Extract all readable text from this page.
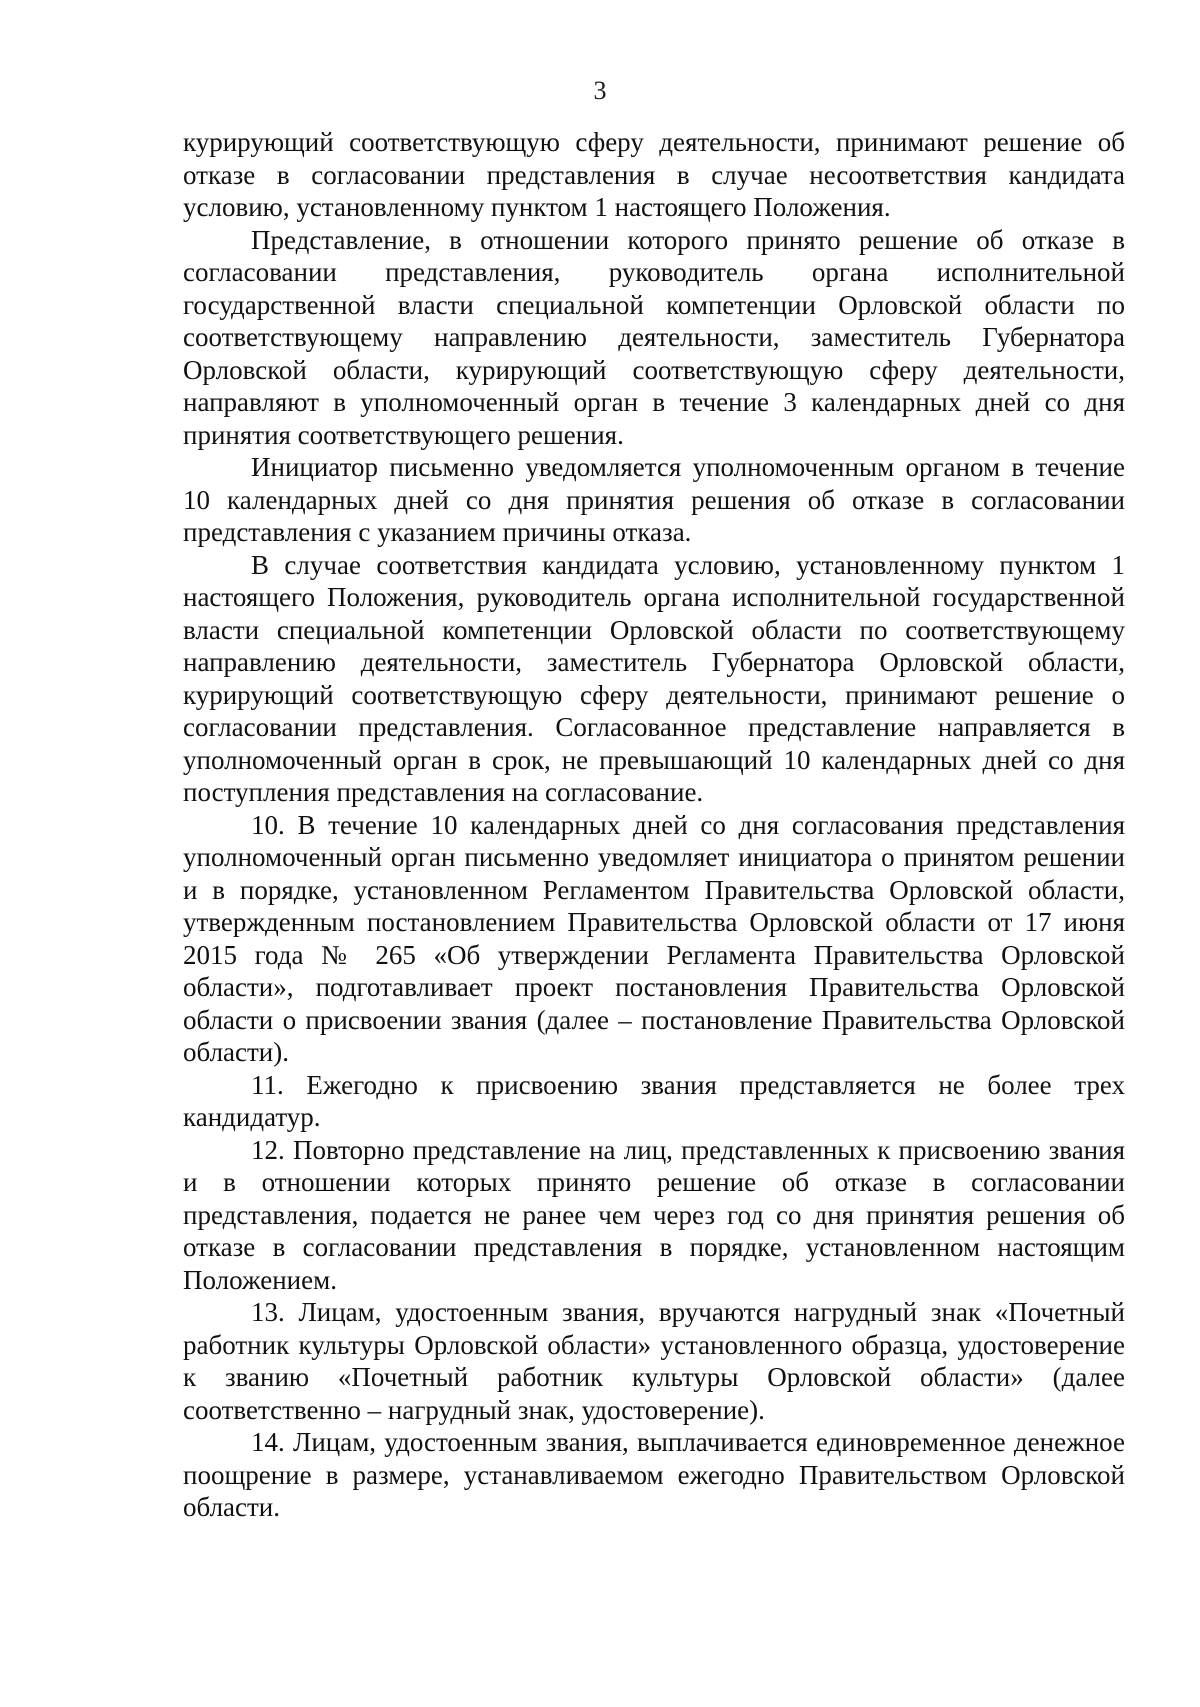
3

курирующий соответствующую сферу деятельности, принимают решение об отказе в согласовании представления в случае несоответствия кандидата условию, установленному пунктом 1 настоящего Положения.

Представление, в отношении которого принято решение об отказе в согласовании представления, руководитель органа исполнительной государственной власти специальной компетенции Орловской области по соответствующему направлению деятельности, заместитель Губернатора Орловской области, курирующий соответствующую сферу деятельности, направляют в уполномоченный орган в течение 3 календарных дней со дня принятия соответствующего решения.

Инициатор письменно уведомляется уполномоченным органом в течение 10 календарных дней со дня принятия решения об отказе в согласовании представления с указанием причины отказа.

В случае соответствия кандидата условию, установленному пунктом 1 настоящего Положения, руководитель органа исполнительной государственной власти специальной компетенции Орловской области по соответствующему направлению деятельности, заместитель Губернатора Орловской области, курирующий соответствующую сферу деятельности, принимают решение о согласовании представления. Согласованное представление направляется в уполномоченный орган в срок, не превышающий 10 календарных дней со дня поступления представления на согласование.

10. В течение 10 календарных дней со дня согласования представления уполномоченный орган письменно уведомляет инициатора о принятом решении и в порядке, установленном Регламентом Правительства Орловской области, утвержденным постановлением Правительства Орловской области от 17 июня 2015 года № 265 «Об утверждении Регламента Правительства Орловской области», подготавливает проект постановления Правительства Орловской области о присвоении звания (далее – постановление Правительства Орловской области).

11. Ежегодно к присвоению звания представляется не более трех кандидатур.

12. Повторно представление на лиц, представленных к присвоению звания и в отношении которых принято решение об отказе в согласовании представления, подается не ранее чем через год со дня принятия решения об отказе в согласовании представления в порядке, установленном настоящим Положением.

13. Лицам, удостоенным звания, вручаются нагрудный знак «Почетный работник культуры Орловской области» установленного образца, удостоверение к званию «Почетный работник культуры Орловской области» (далее соответственно – нагрудный знак, удостоверение).

14. Лицам, удостоенным звания, выплачивается единовременное денежное поощрение в размере, устанавливаемом ежегодно Правительством Орловской области.
